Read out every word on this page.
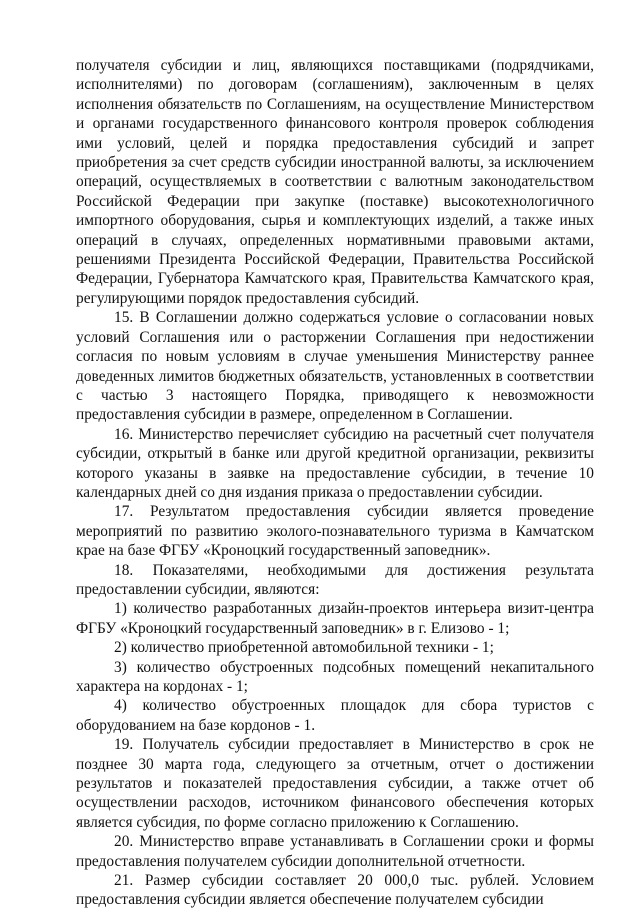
получателя субсидии и лиц, являющихся поставщиками (подрядчиками, исполнителями) по договорам (соглашениям), заключенным в целях исполнения обязательств по Соглашениям, на осуществление Министерством и органами государственного финансового контроля проверок соблюдения ими условий, целей и порядка предоставления субсидий и запрет приобретения за счет средств субсидии иностранной валюты, за исключением операций, осуществляемых в соответствии с валютным законодательством Российской Федерации при закупке (поставке) высокотехнологичного импортного оборудования, сырья и комплектующих изделий, а также иных операций в случаях, определенных нормативными правовыми актами, решениями Президента Российской Федерации, Правительства Российской Федерации, Губернатора Камчатского края, Правительства Камчатского края, регулирующими порядок предоставления субсидий.

15. В Соглашении должно содержаться условие о согласовании новых условий Соглашения или о расторжении Соглашения при недостижении согласия по новым условиям в случае уменьшения Министерству раннее доведенных лимитов бюджетных обязательств, установленных в соответствии с частью 3 настоящего Порядка, приводящего к невозможности предоставления субсидии в размере, определенном в Соглашении.

16. Министерство перечисляет субсидию на расчетный счет получателя субсидии, открытый в банке или другой кредитной организации, реквизиты которого указаны в заявке на предоставление субсидии, в течение 10 календарных дней со дня издания приказа о предоставлении субсидии.

17. Результатом предоставления субсидии является проведение мероприятий по развитию эколого-познавательного туризма в Камчатском крае на базе ФГБУ «Кроноцкий государственный заповедник».

18. Показателями, необходимыми для достижения результата предоставлении субсидии, являются:

1) количество разработанных дизайн-проектов интерьера визит-центра ФГБУ «Кроноцкий государственный заповедник» в г. Елизово - 1;

2) количество приобретенной автомобильной техники - 1;

3) количество обустроенных подсобных помещений некапитального характера на кордонах - 1;

4) количество обустроенных площадок для сбора туристов с оборудованием на базе кордонов - 1.

19. Получатель субсидии предоставляет в Министерство в срок не позднее 30 марта года, следующего за отчетным, отчет о достижении результатов и показателей предоставления субсидии, а также отчет об осуществлении расходов, источником финансового обеспечения которых является субсидия, по форме согласно приложению к Соглашению.

20. Министерство вправе устанавливать в Соглашении сроки и формы предоставления получателем субсидии дополнительной отчетности.

21. Размер субсидии составляет 20 000,0 тыс. рублей. Условием предоставления субсидии является обеспечение получателем субсидии
